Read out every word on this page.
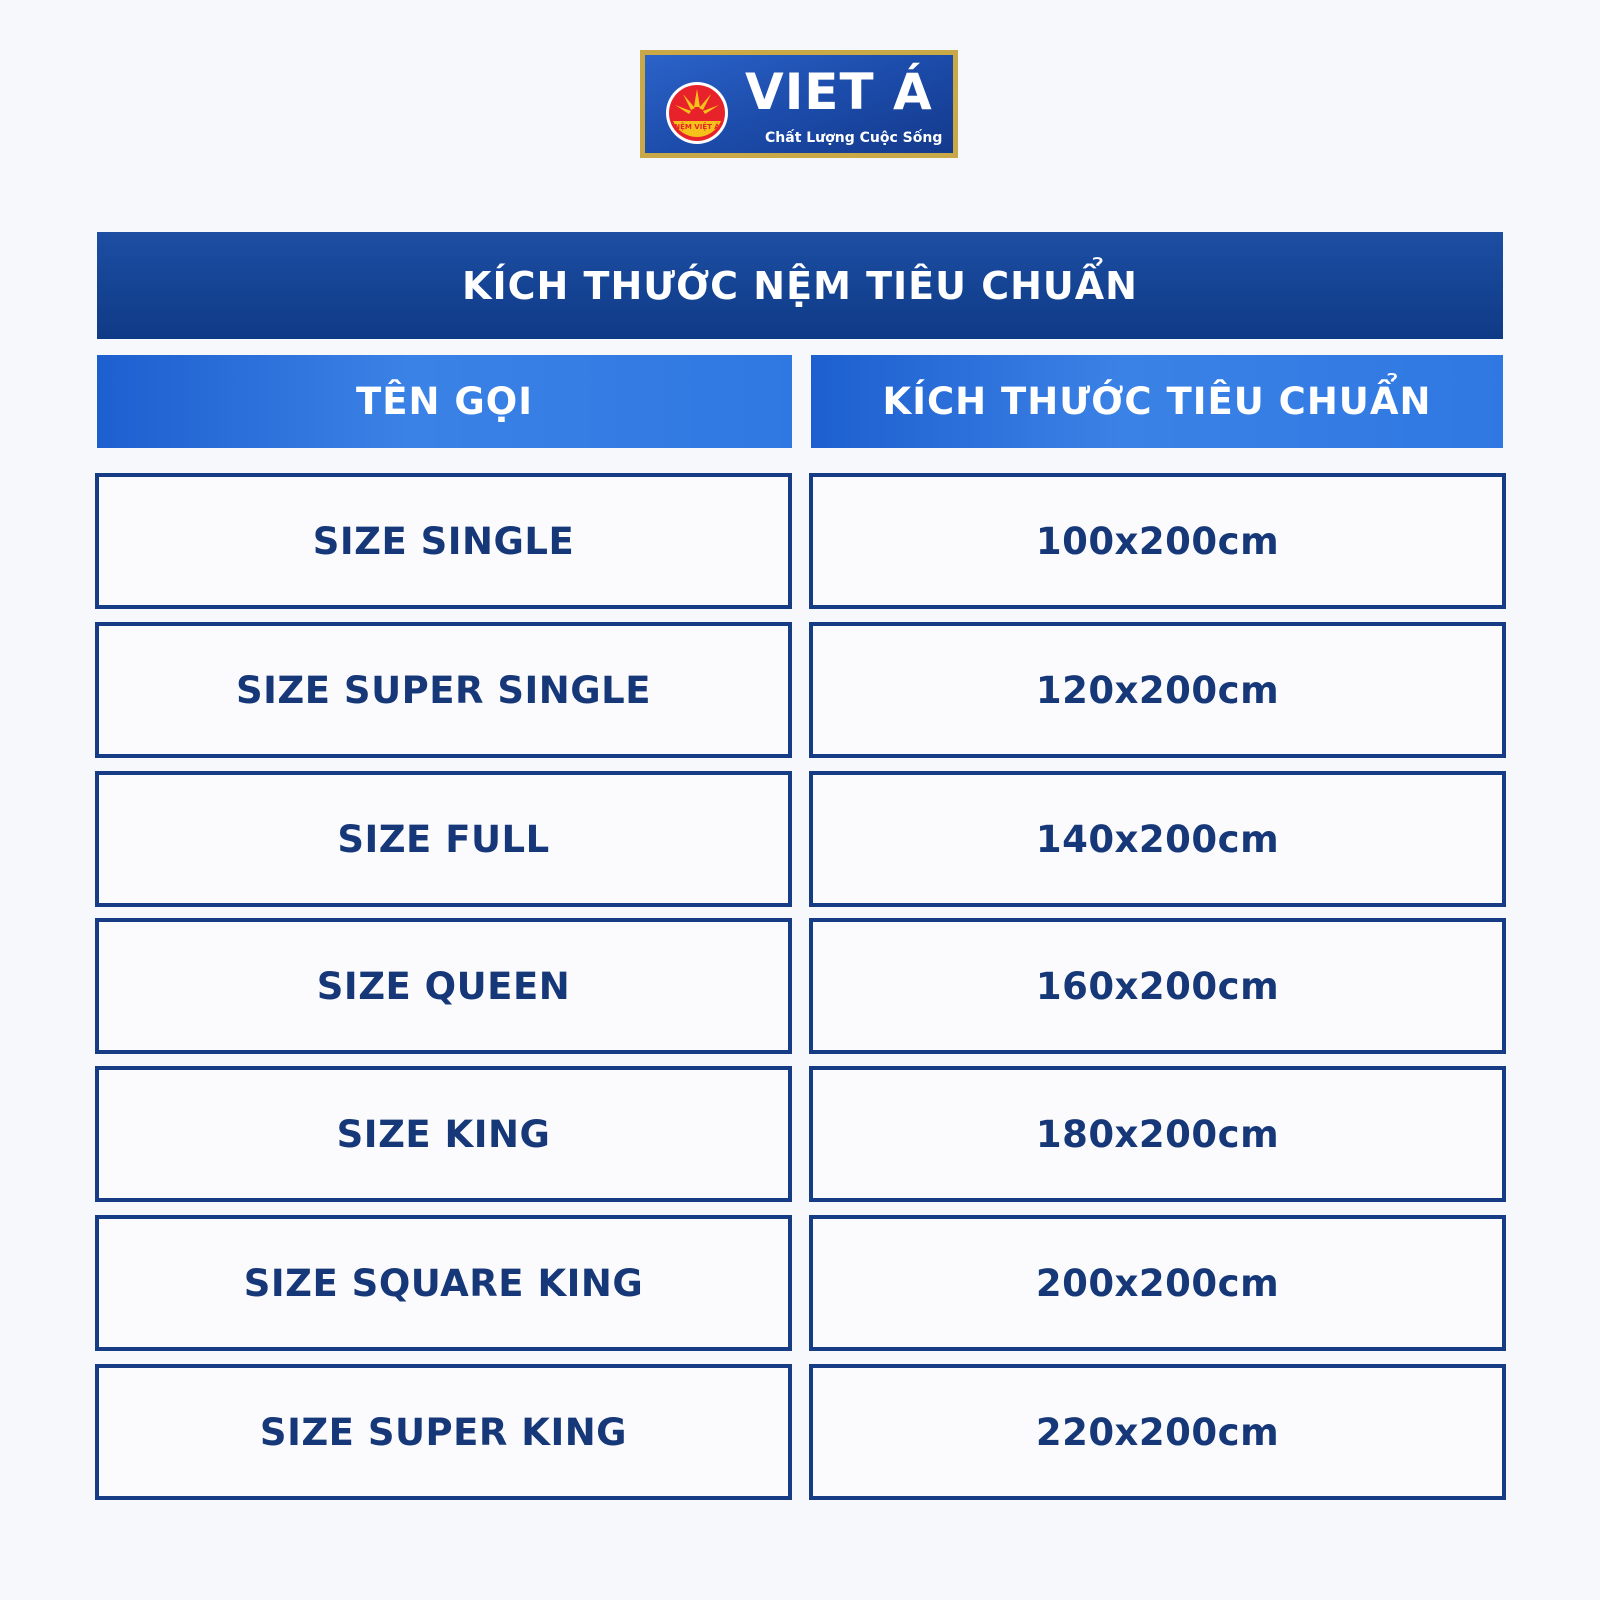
NỆM VIỆT Á
VIET Á
Chất Lượng Cuộc Sống
KÍCH THƯỚC NỆM TIÊU CHUẨN
TÊN GỌI	KÍCH THƯỚC TIÊU CHUẨN
SIZE SINGLE	100x200cm
SIZE SUPER SINGLE	120x200cm
SIZE FULL	140x200cm
SIZE QUEEN	160x200cm
SIZE KING	180x200cm
SIZE SQUARE KING	200x200cm
SIZE SUPER KING	220x200cm
